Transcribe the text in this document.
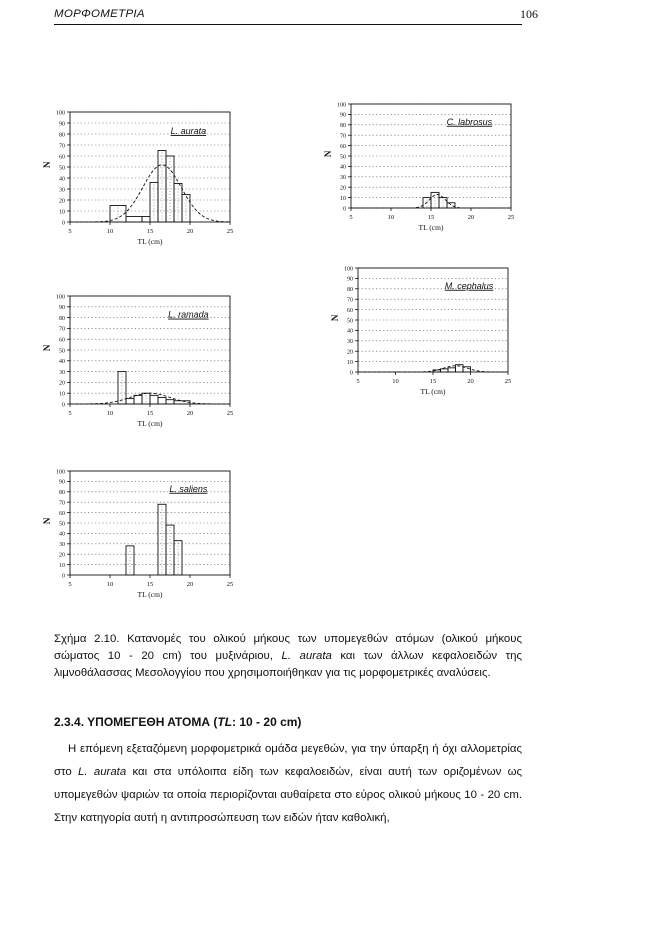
ΜΟΡΦΟΜΕΤΡΙΑ	106
0
10
20
30
40
50
60
70
80
90
100
5	10	15	20	25
TL (cm)
N
L. aurata
0
10
20
30
40
50
60
70
80
90
100
5	10	15	20	25
TL (cm)
N
C. labrosus
0
10
20
30
40
50
60
70
80
90
100
5	10	15	20	25
TL (cm)
N
L. ramada
0
10
20
30
40
50
60
70
80
90
100
5	10	15	20	25
TL (cm)
N
M. cephalus
0
10
20
30
40
50
60
70
80
90
100
5	10	15	20	25
TL (cm)
N
L. saliens
Σχήμα 2.10. Κατανομές του ολικού μήκους των υπομεγεθών ατόμων (ολικού μήκους σώματος 10 - 20 cm) του μυξινάριου, L. aurata και των άλλων κεφαλοειδών της λιμνοθάλασσας Μεσολογγίου που χρησιμοποιήθηκαν για τις μορφομετρικές αναλύσεις.
2.3.4. ΥΠΟΜΕΓΕΘΗ ΑΤΟΜΑ (TL: 10 - 20 cm)
Η επόμενη εξεταζόμενη μορφομετρικά ομάδα μεγεθών, για την ύπαρξη ή όχι αλλομετρίας στο L. aurata και στα υπόλοιπα είδη των κεφαλοειδών, είναι αυτή των οριζομένων ως υπομεγεθών ψαριών τα οποία περιορίζονται αυθαίρετα στο εύρος ολικού μήκους 10 - 20 cm. Στην κατηγορία αυτή η αντιπροσώπευση των ειδών ήταν καθολική,
